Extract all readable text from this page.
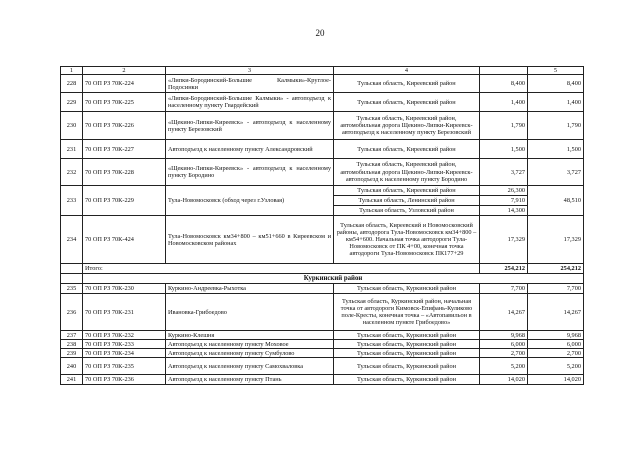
20
1	2	3	4		5
228	70 ОП РЗ 70К-224	«Липки-Бородинский-Большие Калмыки»-Круглое-Подосинки	Тульская область, Киреевский район	8,400	8,400
229	70 ОП РЗ 70К-225	«Липки-Бородинский-Большие Калмыки» - автоподъезд к населенному пункту Гвардейский	Тульская область, Киреевский район	1,400	1,400
230	70 ОП РЗ 70К-226	«Щекино-Липки-Киреевск» - автоподъезд к населенному пункту Березовский	Тульская область, Киреевский район, автомобильная дорога Щекино-Липки-Киреевск-автоподъезд к населенному пункту Березовский	1,790	1,790
231	70 ОП РЗ 70К-227	Автоподъезд к населенному пункту Александровский	Тульская область, Киреевский район	1,500	1,500
232	70 ОП РЗ 70К-228	«Щекино-Липки-Киреевск» - автоподъезд к населенному пункту Бородино	Тульская область, Киреевский район, автомобильная дорога Щекино-Липки-Киреевск-автоподъезд к населенному пункту Бородино	3,727	3,727
233	70 ОП РЗ 70К-229	Тула-Новомосковск (обход через г.Узловая)	Тульская область, Киреевский район	26,300	48,510
			Тульская область, Ленинский район	7,910	
			Тульская область, Узловский район	14,300	
234	70 ОП РЗ 70К-424	Тула-Новомосковск км34+800 – км51+660 в Киреевском и Новомосковском районах	Тульская область, Киреевский и Новомосковский районы, автодорога Тула-Новомосковск км34+800 – км54+600. Начальная точка автодороги Тула-Новомосковск от ПК 4+00, конечная точка автодороги Тула-Новомосковск ПК177+29	17,329	17,329
	Итого:			254,212	254,212
	Куркинский район				
235	70 ОП РЗ 70К-230	Куркино-Андреевка-Рыхотка	Тульская область, Куркинский район	7,700	7,700
236	70 ОП РЗ 70К-231	Ивановка-Грибоедово	Тульская область, Куркинский район, начальная точка от автодороги Кимовск-Епифань-Куликово поле-Кресты, конечная точка – «Автопавильон в населенном пункте Грибоедово»	14,267	14,267
237	70 ОП РЗ 70К-232	Куркино-Клешня	Тульская область, Куркинский район	9,968	9,968
238	70 ОП РЗ 70К-233	Автоподъезд к населенному пункту Моховое	Тульская область, Куркинский район	6,000	6,000
239	70 ОП РЗ 70К-234	Автоподъезд к населенному пункту Сумбулово	Тульская область, Куркинский район	2,700	2,700
240	70 ОП РЗ 70К-235	Автоподъезд к населенному пункту Самохваловка	Тульская область, Куркинский район	5,200	5,200
241	70 ОП РЗ 70К-236	Автоподъезд к населенному пункту Птань	Тульская область, Куркинский район	14,020	14,020
